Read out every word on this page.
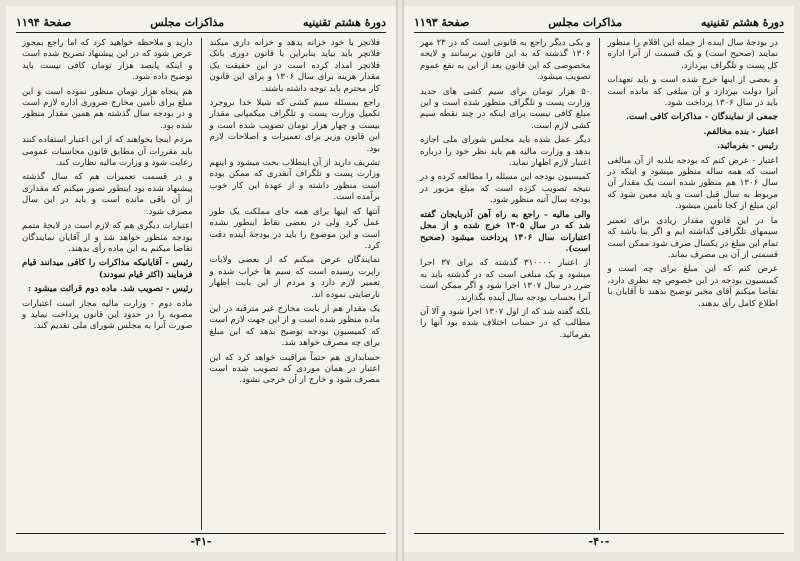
دورهٔ هشتم تقنینیه
مذاکرات مجلس
صفحهٔ ۱۱۹۴

فلاتچر یا خود خزانه بدهد و خزانه داری میکند فلاتچر باید بیاید بنابراین با قانون دوری بانک فلاتچر امداد کرده است در این حقیقت یک مقدار هزینه برای سال ۱۳۰۶ و برای این قانون کار محترم باید توجه داشته باشند.

راجع بمسئله سیم کشی که شیلا خدا بروجرد تکمیل وزارت پست و تلگراف میکمپانی مقدار بیست و چهار هزار تومان تصویب شده است و این قانون وزیر برای تعمیرات و اصلاحات لازم بود.

تشریف دارید از آن اینطلاب بحث میشود و اینهم وزارت پست و تلگراف آنقدری که ممکن بوده است منظور داشته و از عهدهٔ این کار خوب برآمده است.

آتنها که اینها برای همه جای مملکت یک طور عمل کرد ولی در بعضی نقاط اینطور نشده است و این موضوع را باید در بودجهٔ آینده دقت کرد.

نمایندگان عرض میکنم که از بعضی ولایات راپرت رسیده است که سیم ها خراب شده و تعمیر لازم دارد و مردم از این بابت اظهار نارضایتی نموده اند.

یک مقدار هم از بابت مخارج غیر مترقبه در این ماده منظور شده است و از این جهت لازم است که کمیسیون بودجه توضیح بدهد که این مبلغ برای چه مصرف خواهد شد.

حسابداری هم حتماً مراقبت خواهد کرد که این اعتبار در همان موردی که تصویب شده است مصرف شود و خارج از آن خرجی نشود.

دارید و ملاحظه خواهید کرد که اما راجع بمجوز عرض شود که در این پیشنهاد تصریح شده است و اینکه پانصد هزار تومان کافی نیست باید توضیح داده شود.

هم پنجاه هزار تومان منظور نموده است و این مبلغ برای تأمین مخارج ضروری اداره لازم است و در بودجه سال گذشته هم همین مقدار منظور شده بود.

مردم اینجا بخواهند که از این اعتبار استفاده کنند باید مقررات آن مطابق قانون محاسبات عمومی رعایت شود و وزارت مالیه نظارت کند.

و در قسمت تعمیرات هم که سال گذشته پیشنهاد شده بود اینطور تصور میکنم که مقداری از آن باقی مانده است و باید در این سال مصرف شود.

اعتبارات دیگری هم که لازم است در لایحهٔ متمم بودجه منظور خواهد شد و از آقایان نمایندگان تقاضا میکنم به این ماده رأی بدهند.

رئیس - آقایانیکه مذاکرات را کافی میدانند قیام فرمایند (اکثر قیام نمودند)

رئیس - تصویب شد. ماده دوم قرائت میشود :

ماده دوم - وزارت مالیه مجاز است اعتبارات مصوبه را در حدود این قانون پرداخت نماید و صورت آنرا به مجلس شورای ملی تقدیم کند.

-۴۱-
دورهٔ هشتم تقنینیه
مذاکرات مجلس
صفحهٔ ۱۱۹۳

در بودجهٔ سال آینده از جمله این اقلام را منظور نمایند (صحیح است) و یک قسمت از آنرا اداره کل پست و تلگراف بپردازد.

و بعضی از اینها خرج شده است و باید تعهدات آنرا دولت بپردازد و آن مبلغی که مانده است باید در سال ۱۳۰۶ پرداخت شود.

جمعی از نمایندگان - مذاکرات کافی است.

اعتبار - بنده مخالفم.

رئیس - بفرمائید.

اعتبار - عرض کنم که بودجه بلدیه از آن مبالغی است که همه ساله منظور میشود و اینکه در سال ۱۳۰۶ هم منظور شده است یک مقدار آن مربوط به سال قبل است و باید معین شود که این مبلغ از کجا تأمین میشود.

ما در این قانون مقدار زیادی برای تعمیر سیمهای تلگرافی گذاشته ایم و اگر بنا باشد که تمام این مبلغ در یکسال صرف شود ممکن است قسمتی از آن بی مصرف بماند.

عرض کنم که این مبلغ برای چه است و کمیسیون بودجه در این خصوص چه نظری دارد، تقاضا میکنم آقای مخبر توضیح بدهند تا آقایان با اطلاع کامل رأی بدهند.

و یکی دیگر راجع به قانونی است که در ۲۳ مهر ۱۳۰۶ گذشته که به این قانون برسانند و لایحه مخصوصی که این قانون بعد از این به نفع عموم تصویب میشود.

۵۰ هزار تومان برای سیم کشی های جدید وزارت پست و تلگراف منظور شده است و این مبلغ کافی نیست برای اینکه در چند نقطه سیم کشی لازم است.

دیگر عمل شده باید مجلس شورای ملی اجازه بدهد و وزارت مالیه هم باید نظر خود را درباره اعتبار لازم اظهار نماید.

کمیسیون بودجه این مسئله را مطالعه کرده و در نتیجه تصویب کرده است که مبلغ مزبور در بودجه سال آتیه منظور شود.

والی مالیه - راجع به راه آهن آذربایجان گفته شد که در سال ۱۳۰۵ خرج شده و از محل اعتبارات سال ۱۳۰۶ پرداخت میشود (صحیح است).

از اعتبار ۳۱۰۰۰۰ گذشته که برای ۳۷ اجرا میشود و یک مبلغی است که در گذشته باید به ضرر در سال ۱۳۰۷ اجرا شود و اگر ممکن است آنرا بحساب بودجه سال آینده بگذارند.

بلکه گفته شد که از اول ۱۳۰۷ اجرا شود و آلا آن مطالب که در حساب اختلاف شده بود آنها را بفرمائید.

-۴۰-
